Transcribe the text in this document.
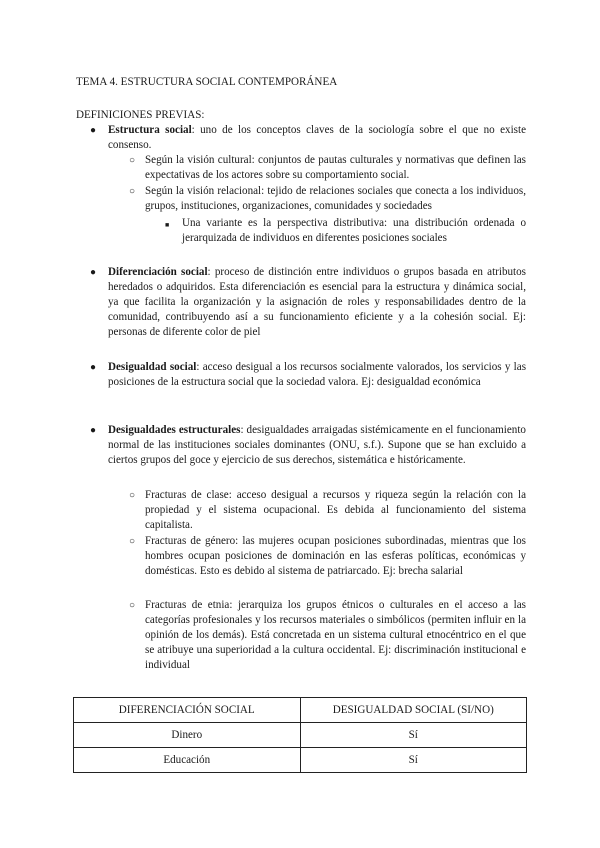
TEMA 4. ESTRUCTURA SOCIAL CONTEMPORÁNEA
DEFINICIONES PREVIAS:
● Estructura social: uno de los conceptos claves de la sociología sobre el que no existe consenso.
○ Según la visión cultural: conjuntos de pautas culturales y normativas que definen las expectativas de los actores sobre su comportamiento social.
○ Según la visión relacional: tejido de relaciones sociales que conecta a los individuos, grupos, instituciones, organizaciones, comunidades y sociedades
■ Una variante es la perspectiva distributiva: una distribución ordenada o jerarquizada de individuos en diferentes posiciones sociales
● Diferenciación social: proceso de distinción entre individuos o grupos basada en atributos heredados o adquiridos. Esta diferenciación es esencial para la estructura y dinámica social, ya que facilita la organización y la asignación de roles y responsabilidades dentro de la comunidad, contribuyendo así a su funcionamiento eficiente y a la cohesión social. Ej: personas de diferente color de piel
● Desigualdad social: acceso desigual a los recursos socialmente valorados, los servicios y las posiciones de la estructura social que la sociedad valora. Ej: desigualdad económica
● Desigualdades estructurales: desigualdades arraigadas sistémicamente en el funcionamiento normal de las instituciones sociales dominantes (ONU, s.f.). Supone que se han excluido a ciertos grupos del goce y ejercicio de sus derechos, sistemática e históricamente.
○ Fracturas de clase: acceso desigual a recursos y riqueza según la relación con la propiedad y el sistema ocupacional. Es debida al funcionamiento del sistema capitalista.
○ Fracturas de género: las mujeres ocupan posiciones subordinadas, mientras que los hombres ocupan posiciones de dominación en las esferas políticas, económicas y domésticas. Esto es debido al sistema de patriarcado. Ej: brecha salarial
○ Fracturas de etnia: jerarquiza los grupos étnicos o culturales en el acceso a las categorías profesionales y los recursos materiales o simbólicos (permiten influir en la opinión de los demás). Está concretada en un sistema cultural etnocéntrico en el que se atribuye una superioridad a la cultura occidental. Ej: discriminación institucional e individual
DIFERENCIACIÓN SOCIAL	DESIGUALDAD SOCIAL (SI/NO)
Dinero	Sí
Educación	Sí
